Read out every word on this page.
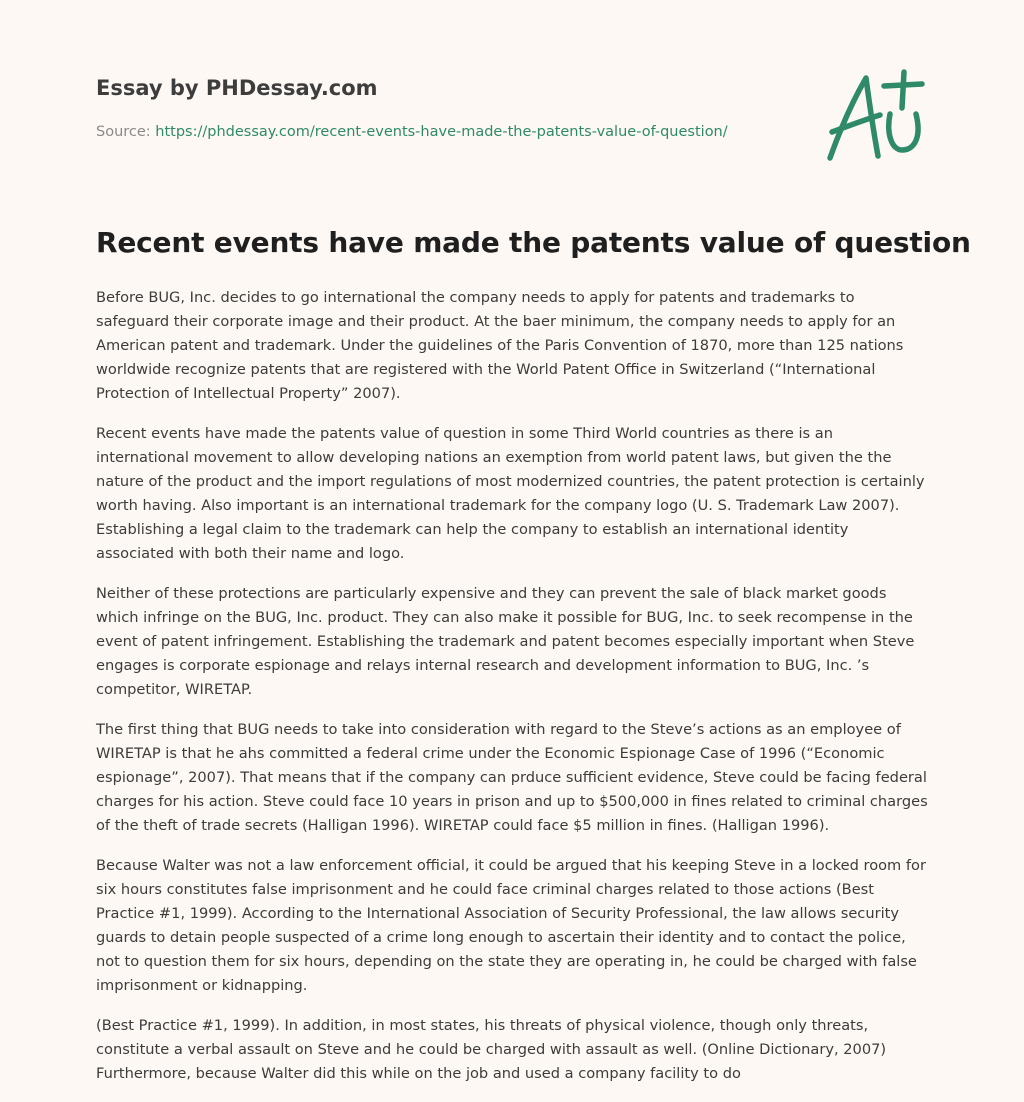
Essay by PHDessay.com
Source: https://phdessay.com/recent-events-have-made-the-patents-value-of-question/
Recent events have made the patents value of question

Before BUG, Inc. decides to go international the company needs to apply for patents and trademarks to safeguard their corporate image and their product. At the baer minimum, the company needs to apply for an American patent and trademark. Under the guidelines of the Paris Convention of 1870, more than 125 nations worldwide recognize patents that are registered with the World Patent Office in Switzerland (“International Protection of Intellectual Property” 2007).

Recent events have made the patents value of question in some Third World countries as there is an international movement to allow developing nations an exemption from world patent laws, but given the the nature of the product and the import regulations of most modernized countries, the patent protection is certainly worth having. Also important is an international trademark for the company logo (U. S. Trademark Law 2007). Establishing a legal claim to the trademark can help the company to establish an international identity associated with both their name and logo.

Neither of these protections are particularly expensive and they can prevent the sale of black market goods which infringe on the BUG, Inc. product. They can also make it possible for BUG, Inc. to seek recompense in the event of patent infringement. Establishing the trademark and patent becomes especially important when Steve engages is corporate espionage and relays internal research and development information to BUG, Inc. ’s competitor, WIRETAP.

The first thing that BUG needs to take into consideration with regard to the Steve’s actions as an employee of WIRETAP is that he ahs committed a federal crime under the Economic Espionage Case of 1996 (“Economic espionage”, 2007). That means that if the company can prduce sufficient evidence, Steve could be facing federal charges for his action. Steve could face 10 years in prison and up to $500,000 in fines related to criminal charges of the theft of trade secrets (Halligan 1996). WIRETAP could face $5 million in fines. (Halligan 1996).

Because Walter was not a law enforcement official, it could be argued that his keeping Steve in a locked room for six hours constitutes false imprisonment and he could face criminal charges related to those actions (Best Practice #1, 1999). According to the International Association of Security Professional, the law allows security guards to detain people suspected of a crime long enough to ascertain their identity and to contact the police, not to question them for six hours, depending on the state they are operating in, he could be charged with false imprisonment or kidnapping.

(Best Practice #1, 1999). In addition, in most states, his threats of physical violence, though only threats, constitute a verbal assault on Steve and he could be charged with assault as well. (Online Dictionary, 2007) Furthermore, because Walter did this while on the job and used a company facility to do
